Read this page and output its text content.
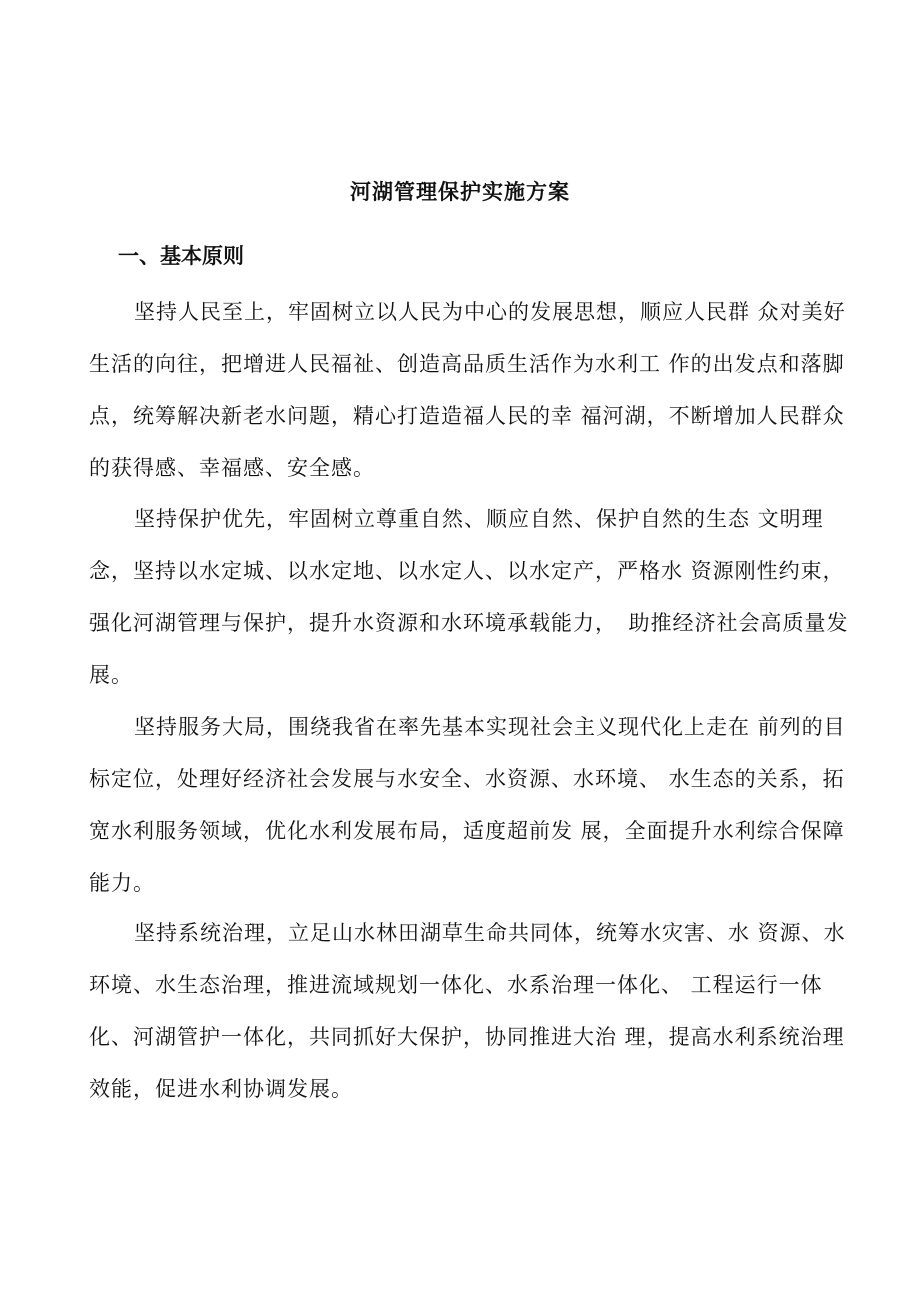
河湖管理保护实施方案
一、基本原则

坚持人民至上，牢固树立以人民为中心的发展思想，顺应人民群 众对美好生活的向往，把增进人民福祉、创造高品质生活作为水利工 作的出发点和落脚点，统筹解决新老水问题，精心打造造福人民的幸 福河湖，不断增加人民群众的获得感、幸福感、安全感。

坚持保护优先，牢固树立尊重自然、顺应自然、保护自然的生态 文明理念，坚持以水定城、以水定地、以水定人、以水定产，严格水 资源刚性约束，强化河湖管理与保护，提升水资源和水环境承载能力，　助推经济社会高质量发展。

坚持服务大局，围绕我省在率先基本实现社会主义现代化上走在 前列的目标定位，处理好经济社会发展与水安全、水资源、水环境、 水生态的关系，拓宽水利服务领域，优化水利发展布局，适度超前发 展，全面提升水利综合保障能力。

坚持系统治理，立足山水林田湖草生命共同体，统筹水灾害、水 资源、水环境、水生态治理，推进流域规划一体化、水系治理一体化、 工程运行一体化、河湖管护一体化，共同抓好大保护，协同推进大治 理，提高水利系统治理效能，促进水利协调发展。
